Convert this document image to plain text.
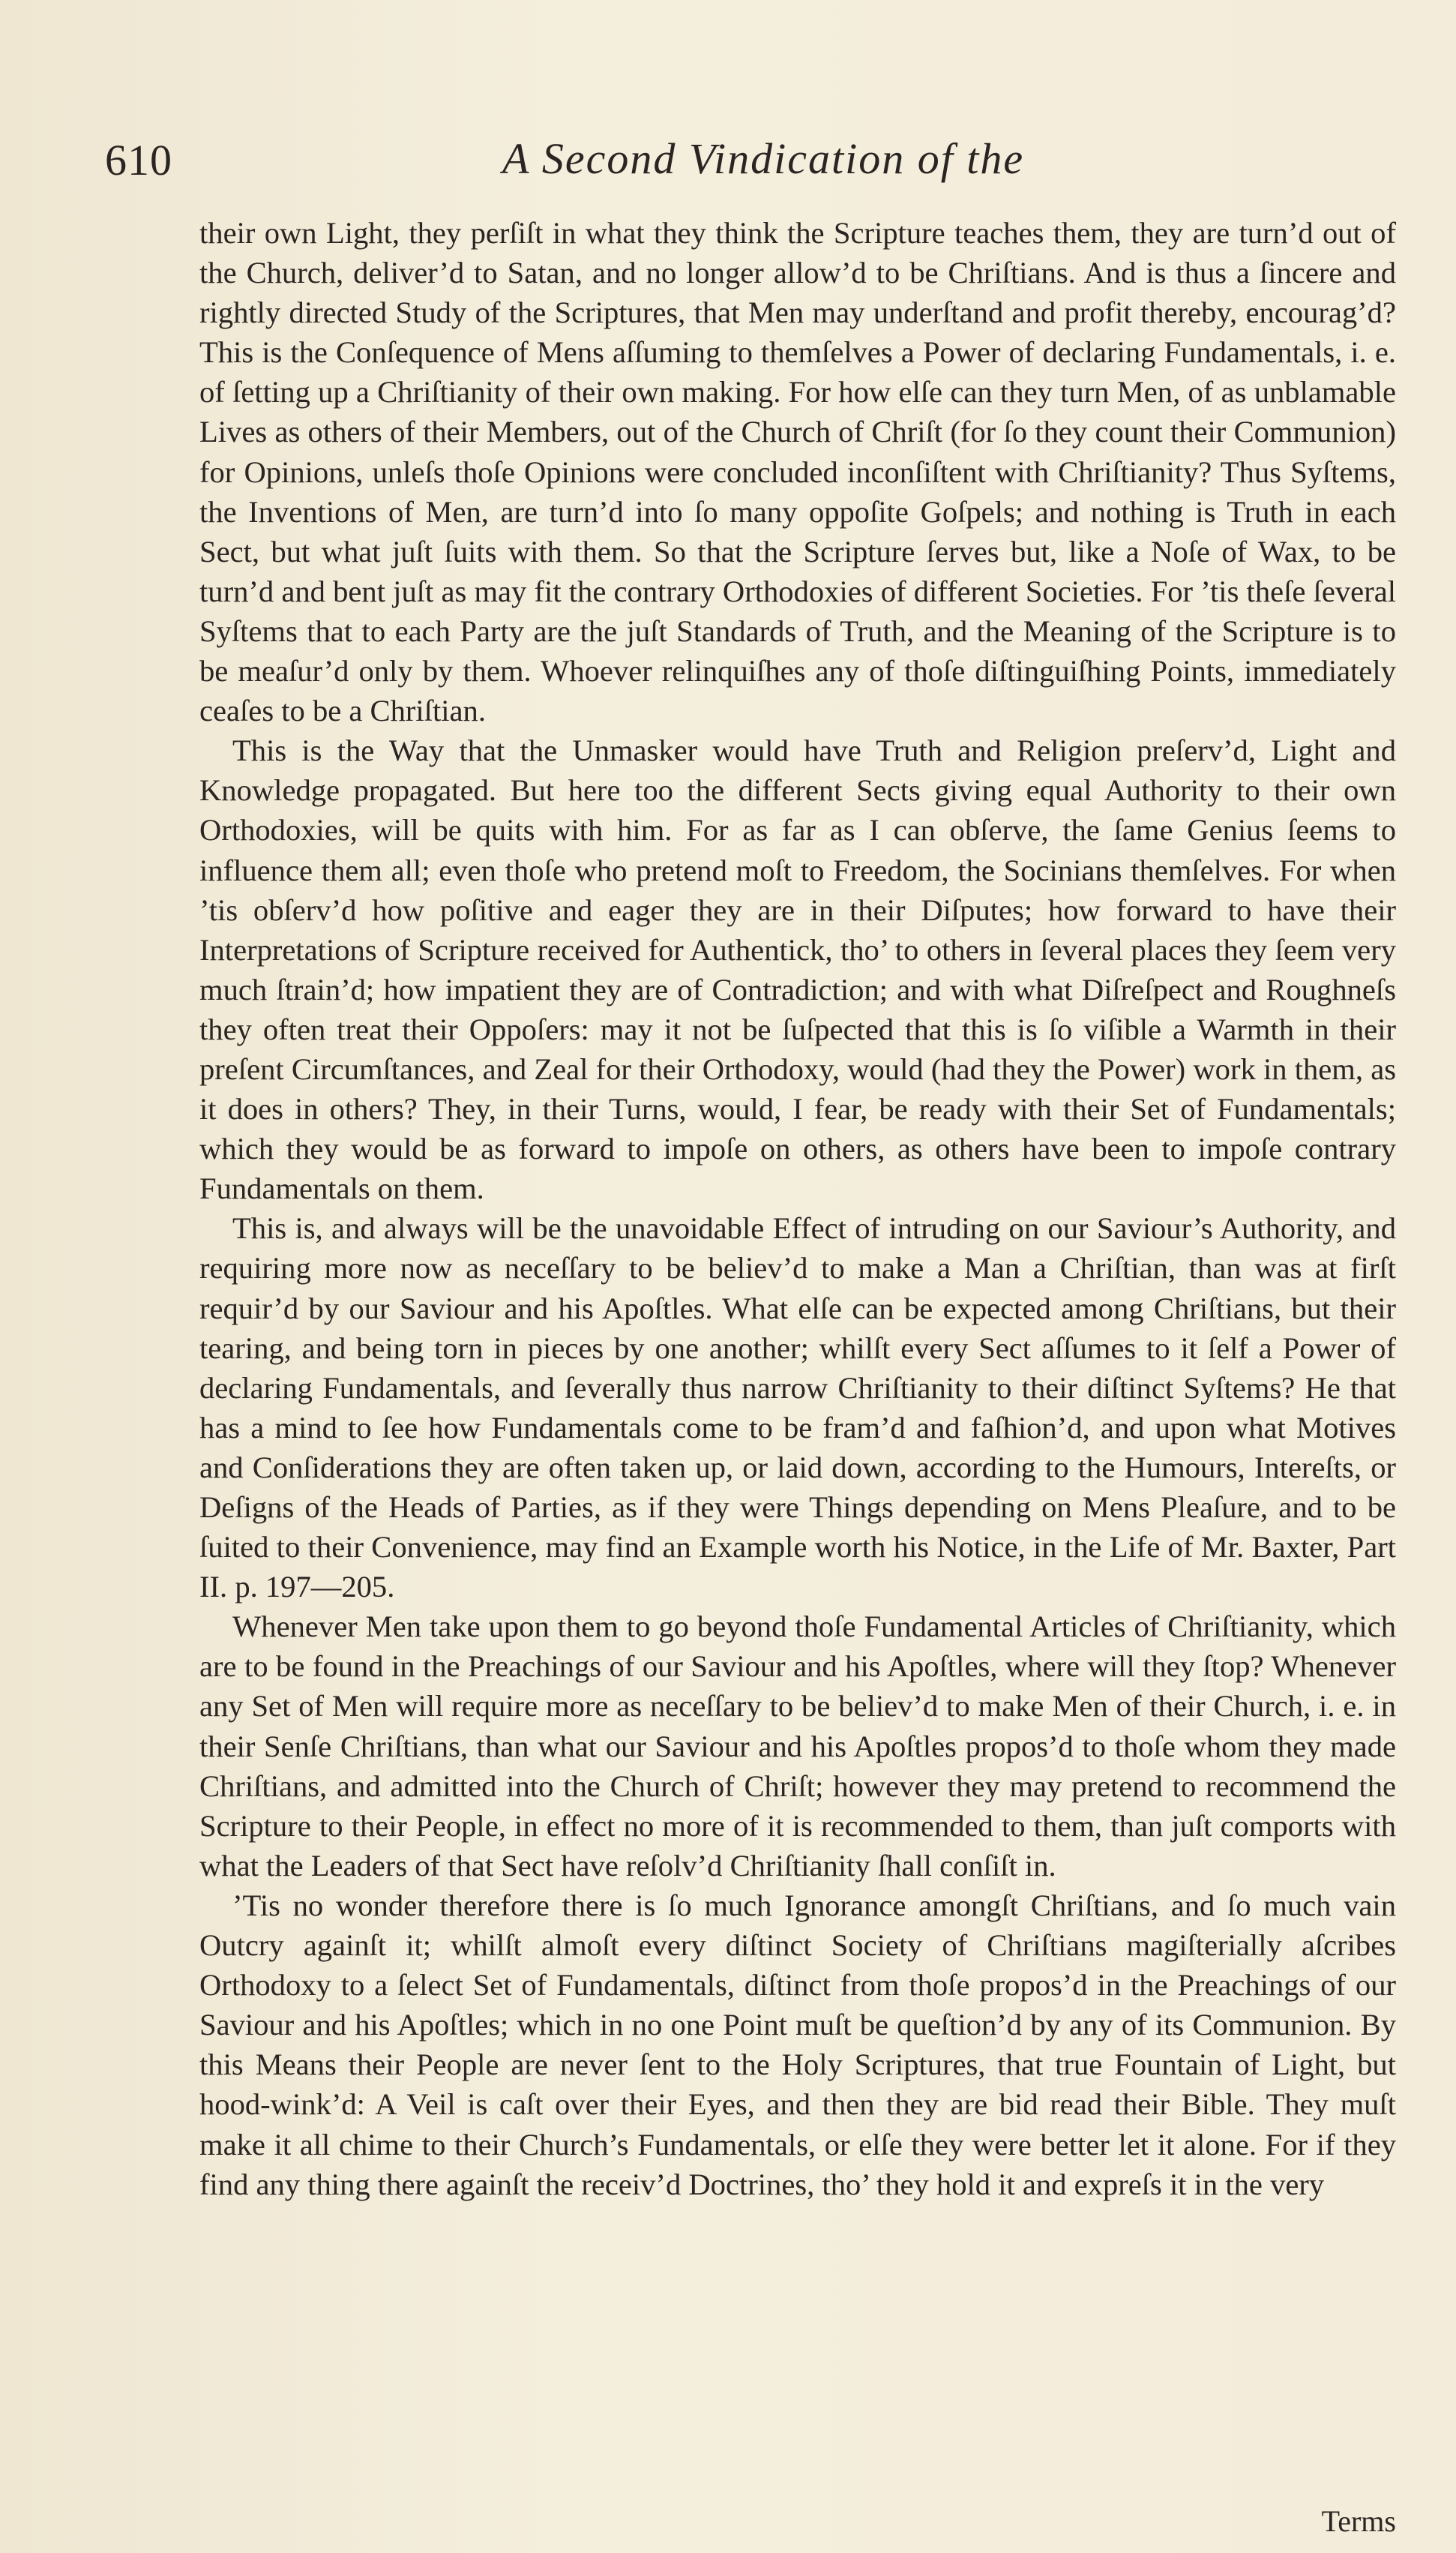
610	A Second Vindication of the

their own Light, they perſiſt in what they think the Scripture teaches them, they are turn’d out of the Church, deliver’d to Satan, and no longer allow’d to be Chriſtians. And is thus a ſincere and rightly directed Study of the Scriptures, that Men may underſtand and profit thereby, encourag’d? This is the Conſequence of Mens aſſuming to themſelves a Power of declaring Fundamentals, i. e. of ſetting up a Chriſtianity of their own making. For how elſe can they turn Men, of as unblamable Lives as others of their Members, out of the Church of Chriſt (for ſo they count their Communion) for Opinions, unleſs thoſe Opinions were concluded inconſiſtent with Chriſtianity? Thus Syſtems, the Inventions of Men, are turn’d into ſo many oppoſite Goſpels; and nothing is Truth in each Sect, but what juſt ſuits with them. So that the Scripture ſerves but, like a Noſe of Wax, to be turn’d and bent juſt as may fit the contrary Orthodoxies of different Societies. For ’tis theſe ſeveral Syſtems that to each Party are the juſt Standards of Truth, and the Meaning of the Scripture is to be meaſur’d only by them. Whoever relinquiſhes any of thoſe diſtinguiſhing Points, immediately ceaſes to be a Chriſtian.

This is the Way that the Unmasker would have Truth and Religion preſerv’d, Light and Knowledge propagated. But here too the different Sects giving equal Authority to their own Orthodoxies, will be quits with him. For as far as I can obſerve, the ſame Genius ſeems to influence them all; even thoſe who pretend moſt to Freedom, the Socinians themſelves. For when ’tis obſerv’d how poſitive and eager they are in their Diſputes; how forward to have their Interpretations of Scripture received for Authentick, tho’ to others in ſeveral places they ſeem very much ſtrain’d; how impatient they are of Contradiction; and with what Diſreſpect and Roughneſs they often treat their Oppoſers: may it not be ſuſpected that this is ſo viſible a Warmth in their preſent Circumſtances, and Zeal for their Orthodoxy, would (had they the Power) work in them, as it does in others? They, in their Turns, would, I fear, be ready with their Set of Fundamentals; which they would be as forward to impoſe on others, as others have been to impoſe contrary Fundamentals on them.

This is, and always will be the unavoidable Effect of intruding on our Saviour’s Authority, and requiring more now as neceſſary to be believ’d to make a Man a Chriſtian, than was at firſt requir’d by our Saviour and his Apoſtles. What elſe can be expected among Chriſtians, but their tearing, and being torn in pieces by one another; whilſt every Sect aſſumes to it ſelf a Power of declaring Fundamentals, and ſeverally thus narrow Chriſtianity to their diſtinct Syſtems? He that has a mind to ſee how Fundamentals come to be fram’d and faſhion’d, and upon what Motives and Conſiderations they are often taken up, or laid down, according to the Humours, Intereſts, or Deſigns of the Heads of Parties, as if they were Things depending on Mens Pleaſure, and to be ſuited to their Convenience, may find an Example worth his Notice, in the Life of Mr. Baxter, Part II. p. 197—205.

Whenever Men take upon them to go beyond thoſe Fundamental Articles of Chriſtianity, which are to be found in the Preachings of our Saviour and his Apoſtles, where will they ſtop? Whenever any Set of Men will require more as neceſſary to be believ’d to make Men of their Church, i. e. in their Senſe Chriſtians, than what our Saviour and his Apoſtles propos’d to thoſe whom they made Chriſtians, and admitted into the Church of Chriſt; however they may pretend to recommend the Scripture to their People, in effect no more of it is recommended to them, than juſt comports with what the Leaders of that Sect have reſolv’d Chriſtianity ſhall conſiſt in.

’Tis no wonder therefore there is ſo much Ignorance amongſt Chriſtians, and ſo much vain Outcry againſt it; whilſt almoſt every diſtinct Society of Chriſtians magiſterially aſcribes Orthodoxy to a ſelect Set of Fundamentals, diſtinct from thoſe propos’d in the Preachings of our Saviour and his Apoſtles; which in no one Point muſt be queſtion’d by any of its Communion. By this Means their People are never ſent to the Holy Scriptures, that true Fountain of Light, but hood-wink’d: A Veil is caſt over their Eyes, and then they are bid read their Bible. They muſt make it all chime to their Church’s Fundamentals, or elſe they were better let it alone. For if they find any thing there againſt the receiv’d Doctrines, tho’ they hold it and expreſs it in the very

Terms
